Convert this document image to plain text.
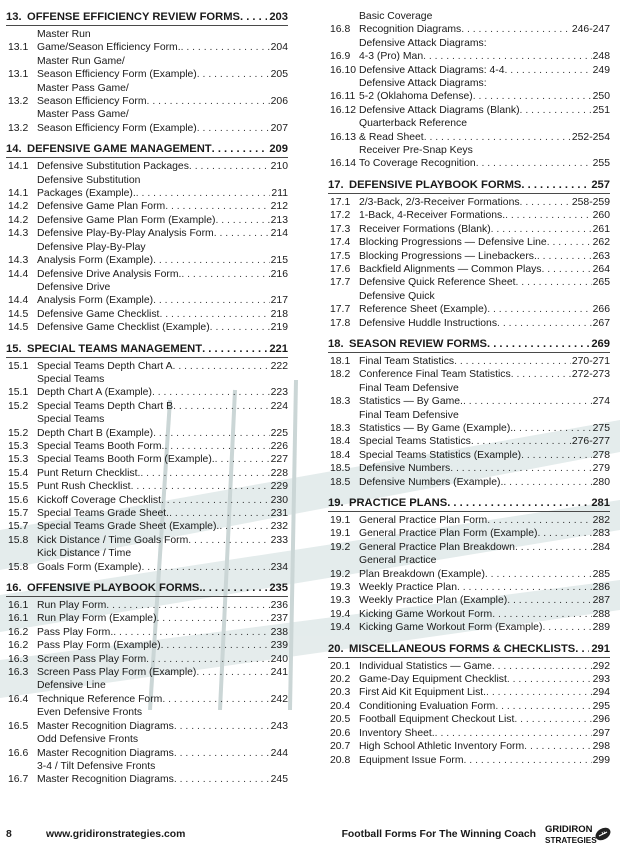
13. OFFENSE EFFICIENCY REVIEW FORMS . . .	203
13.1
Master Run
Game/Season Efficiency Form. . . .	204
13.1
Master Run Game/
Season Efficiency Form (Example) . . .	205
13.2
Master Pass Game/
Season Efficiency Form . . .	206
13.2
Master Pass Game/
Season Efficiency Form (Example) . . .	207
14. DEFENSIVE GAME MANAGEMENT . . .	209
14.1 Defensive Substitution Packages . . .	210
14.1
Defensive Substitution
Packages (Example). . . .	211
14.2 Defensive Game Plan Form . . .	212
14.2 Defensive Game Plan Form (Example) . . .	213
14.3 Defensive Play-By-Play Analysis Form . . .	214
14.3
Defensive Play-By-Play
Analysis Form (Example) . . .	215
14.4 Defensive Drive Analysis Form. . . .	216
14.4
Defensive Drive
Analysis Form (Example) . . .	217
14.5 Defensive Game Checklist . . .	218
14.5 Defensive Game Checklist (Example) . . .	219
15. SPECIAL TEAMS MANAGEMENT . . .	221
15.1 Special Teams Depth Chart A . . .	222
15.1
Special Teams
Depth Chart A (Example) . . .	223
15.2 Special Teams Depth Chart B . . .	224
15.2
Special Teams
Depth Chart B (Example) . . .	225
15.3 Special Teams Booth Form. . . .	226
15.3 Special Teams Booth Form (Example). . . .	227
15.4 Punt Return Checklist. . . .	228
15.5 Punt Rush Checklist . . .	229
15.6 Kickoff Coverage Checklist . . .	230
15.7 Special Teams Grade Sheet. . . .	231
15.7 Special Teams Grade Sheet (Example). . . .	232
15.8 Kick Distance / Time Goals Form . . .	233
15.8
Kick Distance / Time
Goals Form (Example) . . .	234
16. OFFENSIVE PLAYBOOK FORMS. . . .	235
16.1 Run Play Form . . .	236
16.1 Run Play Form (Example) . . .	237
16.2 Pass Play Form. . . .	238
16.2 Pass Play Form (Example) . . .	239
16.3 Screen Pass Play Form . . .	240
16.3 Screen Pass Play Form (Example) . . .	241
16.4
Defensive Line
Technique Reference Form . . .	242
16.5
Even Defensive Fronts
Master Recognition Diagrams . . .	243
16.6
Odd Defensive Fronts
Master Recognition Diagrams . . .	244
16.7
3-4 / Tilt Defensive Fronts
Master Recognition Diagrams . . .	245
16.8
Basic Coverage
Recognition Diagrams . . .	246-247
16.9
Defensive Attack Diagrams:
4-3 (Pro) Man . . .	248
16.10 Defensive Attack Diagrams: 4-4 . . .	249
16.11
Defensive Attack Diagrams:
5-2 (Oklahoma Defense) . . .	250
16.12 Defensive Attack Diagrams (Blank) . . .	251
16.13
Quarterback Reference
& Read Sheet . . .	252-254
16.14
Receiver Pre-Snap Keys
To Coverage Recognition . . .	255
17. DEFENSIVE PLAYBOOK FORMS . . .	257
17.1 2/3-Back, 2/3-Receiver Formations . . .	258-259
17.2 1-Back, 4-Receiver Formations. . . .	260
17.3 Receiver Formations (Blank) . . .	261
17.4 Blocking Progressions — Defensive Line . . .	262
17.5 Blocking Progressions — Linebackers. . . .	263
17.6 Backfield Alignments — Common Plays . . .	264
17.7 Defensive Quick Reference Sheet . . .	265
17.7
Defensive Quick
Reference Sheet (Example) . . .	266
17.8 Defensive Huddle Instructions . . .	267
18. SEASON REVIEW FORMS . . .	269
18.1 Final Team Statistics . . .	270-271
18.2 Conference Final Team Statistics . . .	272-273
18.3
Final Team Defensive
Statistics — By Game. . . .	274
18.3
Final Team Defensive
Statistics — By Game (Example). . . .	275
18.4 Special Teams Statistics . . .	276-277
18.4 Special Teams Statistics (Example) . . .	278
18.5 Defensive Numbers . . .	279
18.5 Defensive Numbers (Example). . . .	280
19. PRACTICE PLANS . . .	281
19.1 General Practice Plan Form . . .	282
19.1 General Practice Plan Form (Example) . . .	283
19.2 General Practice Plan Breakdown . . .	284
19.2
General Practice
Plan Breakdown (Example) . . .	285
19.3 Weekly Practice Plan . . .	286
19.3 Weekly Practice Plan (Example) . . .	287
19.4 Kicking Game Workout Form . . .	288
19.4 Kicking Game Workout Form (Example) . . .	289
20. MISCELLANEOUS FORMS & CHECKLISTS . . . 291
20.1 Individual Statistics — Game . . .	292
20.2 Game-Day Equipment Checklist . . .	293
20.3 First Aid Kit Equipment List. . . .	294
20.4 Conditioning Evaluation Form . . .	295
20.5 Football Equipment Checkout List . . .	296
20.6 Inventory Sheet. . . .	297
20.7 High School Athletic Inventory Form . . .	298
20.8 Equipment Issue Form . . .	299
8	www.gridironstrategies.com	Football Forms For The Winning Coach GRIDIRON
STRATEGIES
